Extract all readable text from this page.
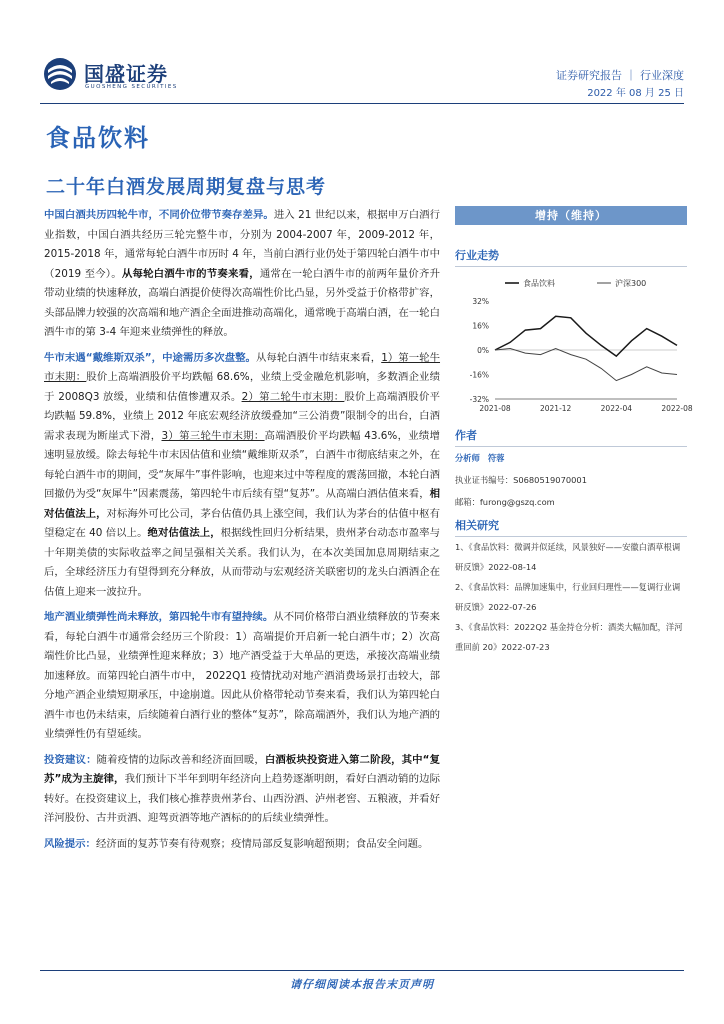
国盛证券
GUOSHENG SECURITIES
证券研究报告 ｜ 行业深度
2022 年 08 月 25 日
食品饮料
二十年白酒发展周期复盘与思考

中国白酒共历四轮牛市，不同价位带节奏存差异。进入 21 世纪以来，根据申万白酒行业指数，中国白酒共经历三轮完整牛市，分别为 2004-2007 年，2009-2012 年，2015-2018 年，通常每轮白酒牛市历时 4 年，当前白酒行业仍处于第四轮白酒牛市中（2019 至今）。从每轮白酒牛市的节奏来看，通常在一轮白酒牛市的前两年量价齐升带动业绩的快速释放，高端白酒提价使得次高端性价比凸显，另外受益于价格带扩容，头部品牌力较强的次高端和地产酒企全面进推动高端化，通常晚于高端白酒，在一轮白酒牛市的第 3-4 年迎来业绩弹性的释放。

牛市末遇“戴维斯双杀”，中途需历多次盘整。从每轮白酒牛市结束来看，1）第一轮牛市末期：股价上高端酒股价平均跌幅 68.6%，业绩上受金融危机影响，多数酒企业绩于 2008Q3 放缓，业绩和估值惨遭双杀。2）第二轮牛市末期：股价上高端酒股价平均跌幅 59.8%，业绩上 2012 年底宏观经济放缓叠加“三公消费”限制令的出台，白酒需求表现为断崖式下滑，3）第三轮牛市末期：高端酒股价平均跌幅 43.6%，业绩增速明显放缓。除去每轮牛市末因估值和业绩“戴维斯双杀”，白酒牛市彻底结束之外，在每轮白酒牛市的期间，受“灰犀牛”事件影响，也迎来过中等程度的震荡回撤，本轮白酒回撤仍为受“灰犀牛”因素震荡，第四轮牛市后续有望“复苏”。从高端白酒估值来看，相对估值法上，对标海外可比公司，茅台估值仍具上涨空间，我们认为茅台的估值中枢有望稳定在 40 倍以上。绝对估值法上，根据线性回归分析结果，贵州茅台动态市盈率与十年期美债的实际收益率之间呈强相关关系。我们认为，在本次美国加息周期结束之后，全球经济压力有望得到充分释放，从而带动与宏观经济关联密切的龙头白酒酒企在估值上迎来一波拉升。

地产酒业绩弹性尚未释放，第四轮牛市有望持续。从不同价格带白酒业绩释放的节奏来看，每轮白酒牛市通常会经历三个阶段：1）高端提价开启新一轮白酒牛市；2）次高端性价比凸显，业绩弹性迎来释放；3）地产酒受益于大单品的更迭，承接次高端业绩加速释放。而第四轮白酒牛市中， 2022Q1 疫情扰动对地产酒消费场景打击较大，部分地产酒企业绩短期承压，中途崩道。因此从价格带轮动节奏来看，我们认为第四轮白酒牛市也仍未结束，后续随着白酒行业的整体“复苏”，除高端酒外，我们认为地产酒的业绩弹性仍有望延续。

投资建议：随着疫情的边际改善和经济面回暖，白酒板块投资进入第二阶段，其中“复苏”成为主旋律，我们预计下半年到明年经济向上趋势逐渐明朗，看好白酒动销的边际转好。在投资建议上，我们核心推荐贵州茅台、山西汾酒、泸州老窖、五粮液，并看好洋河股份、古井贡酒、迎驾贡酒等地产酒标的的后续业绩弹性。

风险提示：经济面的复苏节奏有待观察；疫情局部反复影响超预期；食品安全问题。

增持（维持）
行业走势
食品饮料	沪深300
32%
16%
0%
-16%
-32%
2021-08	2021-12	2022-04	2022-08
作者
分析师 符蓉
执业证书编号：S0680519070001
邮箱：furong@gszq.com
相关研究
1、《食品饮料：微调并似延续，风景独好——安徽白酒草根调研反馈》2022-08-14
2、《食品饮料：品牌加速集中，行业回归理性——复调行业调研反馈》2022-07-26
3、《食品饮料：2022Q2 基金持仓分析：酒类大幅加配，洋河重回前 20》2022-07-23
请仔细阅读本报告末页声明
